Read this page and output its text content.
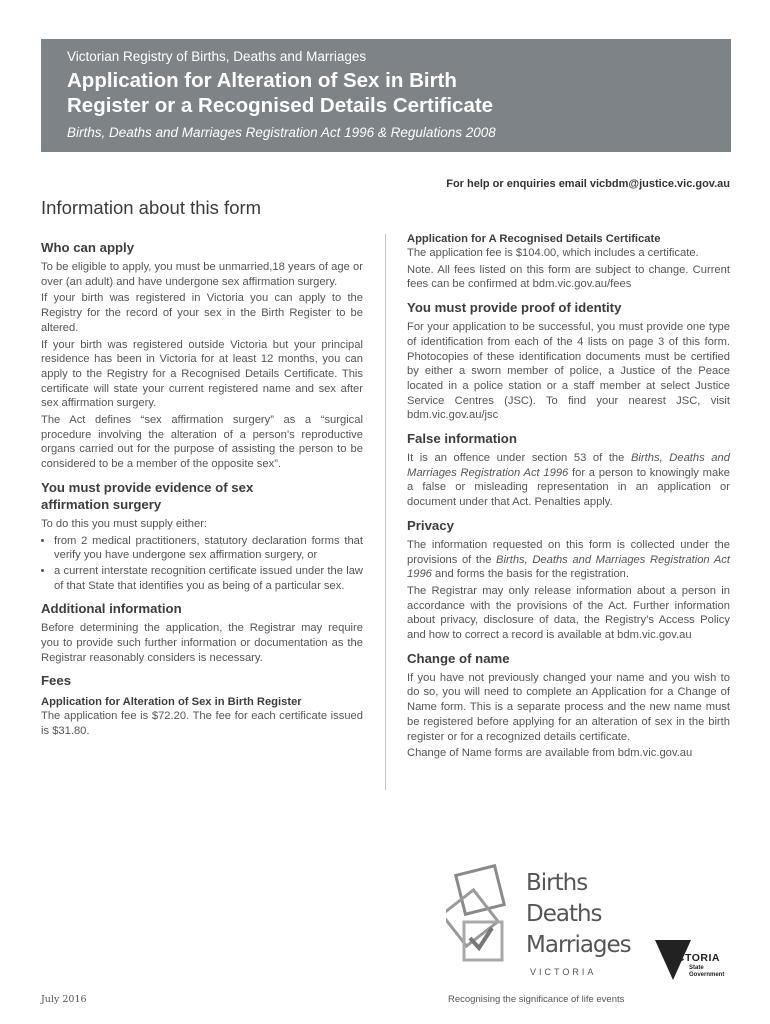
Victorian Registry of Births, Deaths and Marriages
Application for Alteration of Sex in Birth
Register or a Recognised Details Certificate
Births, Deaths and Marriages Registration Act 1996 & Regulations 2008
For help or enquiries email vicbdm@justice.vic.gov.au
Information about this form
Who can apply

To be eligible to apply, you must be unmarried,18 years of age or over (an adult) and have undergone sex affirmation surgery.

If your birth was registered in Victoria you can apply to the Registry for the record of your sex in the Birth Register to be altered.

If your birth was registered outside Victoria but your principal residence has been in Victoria for at least 12 months, you can apply to the Registry for a Recognised Details Certificate. This certificate will state your current registered name and sex after sex affirmation surgery.

The Act defines “sex affirmation surgery” as a “surgical procedure involving the alteration of a person’s reproductive organs carried out for the purpose of assisting the person to be considered to be a member of the opposite sex”.

You must provide evidence of sex
affirmation surgery

To do this you must supply either:

• from 2 medical practitioners, statutory declaration forms that verify you have undergone sex affirmation surgery, or
• a current interstate recognition certificate issued under the law of that State that identifies you as being of a particular sex.
Additional information

Before determining the application, the Registrar may require you to provide such further information or documentation as the Registrar reasonably considers is necessary.

Fees
Application for Alteration of Sex in Birth Register

The application fee is $72.20. The fee for each certificate issued is $31.80.

Application for A Recognised Details Certificate

The application fee is $104.00, which includes a certificate.

Note. All fees listed on this form are subject to change. Current fees can be confirmed at bdm.vic.gov.au/fees

You must provide proof of identity

For your application to be successful, you must provide one type of identification from each of the 4 lists on page 3 of this form. Photocopies of these identification documents must be certified by either a sworn member of police, a Justice of the Peace located in a police station or a staff member at select Justice Service Centres (JSC). To find your nearest JSC, visit bdm.vic.gov.au/jsc

False information

It is an offence under section 53 of the Births, Deaths and Marriages Registration Act 1996 for a person to knowingly make a false or misleading representation in an application or document under that Act. Penalties apply.

Privacy

The information requested on this form is collected under the provisions of the Births, Deaths and Marriages Registration Act 1996 and forms the basis for the registration.

The Registrar may only release information about a person in accordance with the provisions of the Act. Further information about privacy, disclosure of data, the Registry’s Access Policy and how to correct a record is available at bdm.vic.gov.au

Change of name

If you have not previously changed your name and you wish to do so, you will need to complete an Application for a Change of Name form. This is a separate process and the new name must be registered before applying for an alteration of sex in the birth register or for a recognized details certificate.

Change of Name forms are available from bdm.vic.gov.au

Births
Deaths
Marriages
VICTORIA
VICTORIA
State
Government
July 2016	Recognising the significance of life events
